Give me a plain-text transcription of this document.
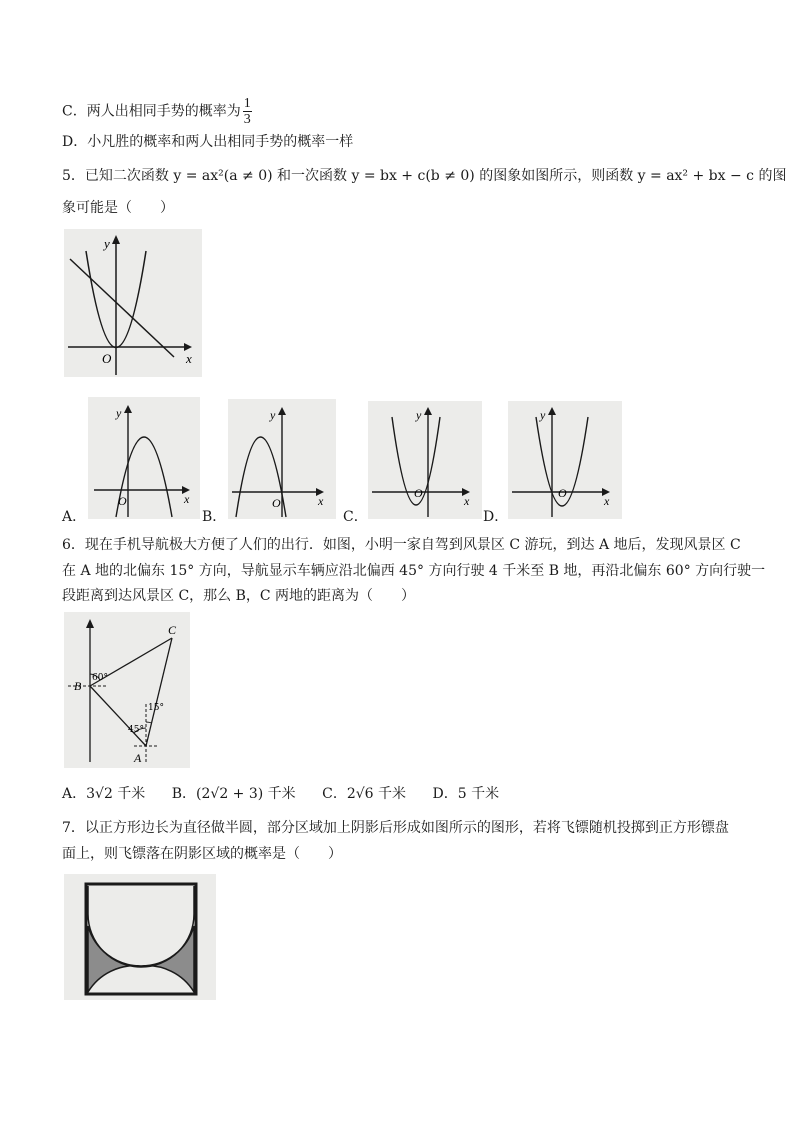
C．两人出相同手势的概率为 $\frac{1}{3}$
D．小凡胜的概率和两人出相同手势的概率一样
5．已知二次函数 y = ax²(a ≠ 0) 和一次函数 y = bx + c(b ≠ 0) 的图象如图所示，则函数 y = ax² + bx − c 的图
象可能是（　　）
y
x
O
y
x
O
y
x
O
y
x
O
y
x
O
A．	B．	C．	D．
6．现在手机导航极大方便了人们的出行．如图，小明一家自驾到风景区 C 游玩，到达 A 地后，发现风景区 C
在 A 地的北偏东 15° 方向，导航显示车辆应沿北偏西 45° 方向行驶 4 千米至 B 地，再沿北偏东 60° 方向行驶一
段距离到达风景区 C，那么 B，C 两地的距离为（　　）
B
C
A
60°
45°
15°
A．3√2 千米 B．(2√2 + 3) 千米 C．2√6 千米 D．5 千米
7．以正方形边长为直径做半圆，部分区域加上阴影后形成如图所示的图形，若将飞镖随机投掷到正方形镖盘
面上，则飞镖落在阴影区域的概率是（　　）
